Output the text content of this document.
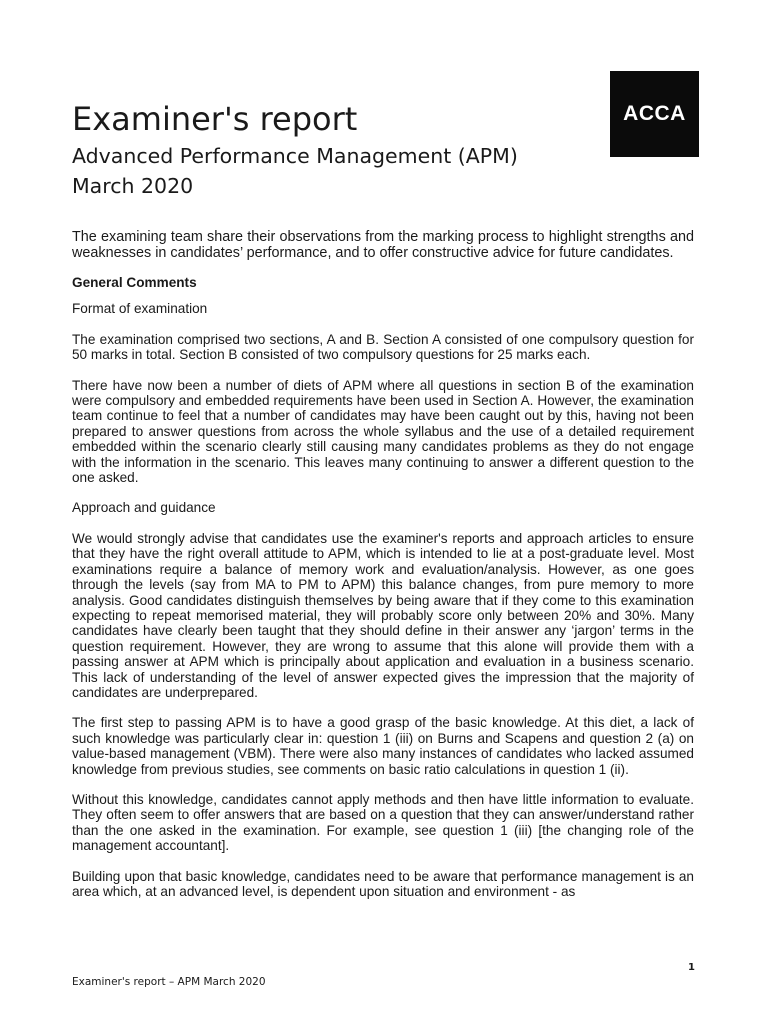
ACCA
Examiner's report
Advanced Performance Management (APM)
March 2020

The examining team share their observations from the marking process to highlight strengths and weaknesses in candidates’ performance, and to offer constructive advice for future candidates.

General Comments

Format of examination

The examination comprised two sections, A and B. Section A consisted of one compulsory question for 50 marks in total. Section B consisted of two compulsory questions for 25 marks each.

There have now been a number of diets of APM where all questions in section B of the examination were compulsory and embedded requirements have been used in Section A. However, the examination team continue to feel that a number of candidates may have been caught out by this, having not been prepared to answer questions from across the whole syllabus and the use of a detailed requirement embedded within the scenario clearly still causing many candidates problems as they do not engage with the information in the scenario. This leaves many continuing to answer a different question to the one asked.

Approach and guidance

We would strongly advise that candidates use the examiner's reports and approach articles to ensure that they have the right overall attitude to APM, which is intended to lie at a post-graduate level. Most examinations require a balance of memory work and evaluation/analysis. However, as one goes through the levels (say from MA to PM to APM) this balance changes, from pure memory to more analysis. Good candidates distinguish themselves by being aware that if they come to this examination expecting to repeat memorised material, they will probably score only between 20% and 30%. Many candidates have clearly been taught that they should define in their answer any ‘jargon’ terms in the question requirement. However, they are wrong to assume that this alone will provide them with a passing answer at APM which is principally about application and evaluation in a business scenario. This lack of understanding of the level of answer expected gives the impression that the majority of candidates are underprepared.

The first step to passing APM is to have a good grasp of the basic knowledge. At this diet, a lack of such knowledge was particularly clear in: question 1 (iii) on Burns and Scapens and question 2 (a) on value-based management (VBM). There were also many instances of candidates who lacked assumed knowledge from previous studies, see comments on basic ratio calculations in question 1 (ii).

Without this knowledge, candidates cannot apply methods and then have little information to evaluate. They often seem to offer answers that are based on a question that they can answer/understand rather than the one asked in the examination. For example, see question 1 (iii) [the changing role of the management accountant].

Building upon that basic knowledge, candidates need to be aware that performance management is an area which, at an advanced level, is dependent upon situation and environment - as

1
Examiner's report – APM March 2020
